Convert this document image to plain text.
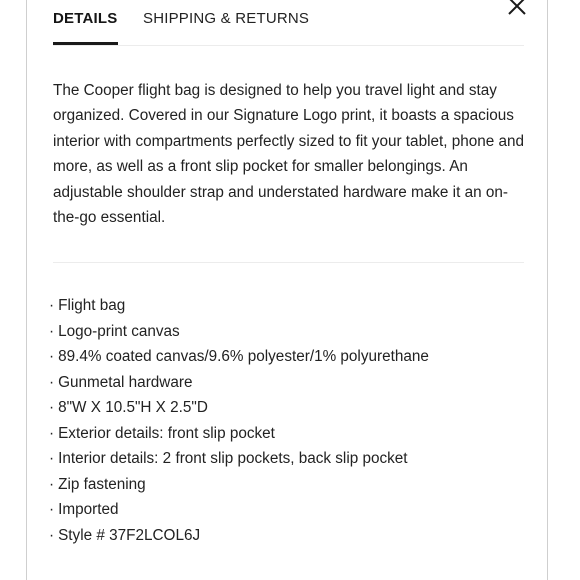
DETAILS SHIPPING & RETURNS

The Cooper flight bag is designed to help you travel light and stay organized. Covered in our Signature Logo print, it boasts a spacious interior with compartments perfectly sized to fit your tablet, phone and more, as well as a front slip pocket for smaller belongings. An adjustable shoulder strap and understated hardware make it an on-the-go essential.

· Flight bag
· Logo-print canvas
· 89.4% coated canvas/9.6% polyester/1% polyurethane
· Gunmetal hardware
· 8"W X 10.5"H X 2.5"D
· Exterior details: front slip pocket
· Interior details: 2 front slip pockets, back slip pocket
· Zip fastening
· Imported
· Style # 37F2LCOL6J
